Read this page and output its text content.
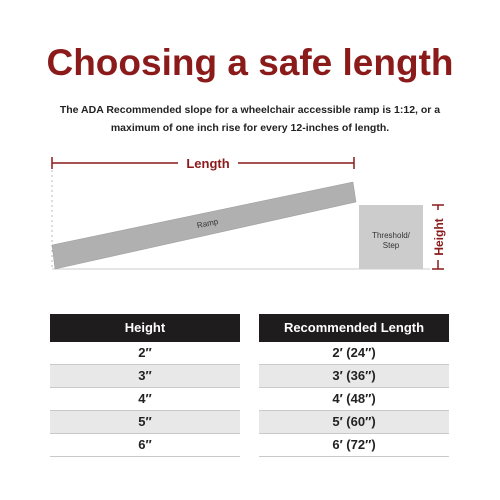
Choosing a safe length
The ADA Recommended slope for a wheelchair accessible ramp is 1:12, or a maximum of one inch rise for every 12-inches of length.
Length
Ramp
Threshold/
Step	Height
Height
2″
3″
4″
5″
6″
Recommended Length
2′ (24″)
3′ (36″)
4′ (48″)
5′ (60″)
6′ (72″)
